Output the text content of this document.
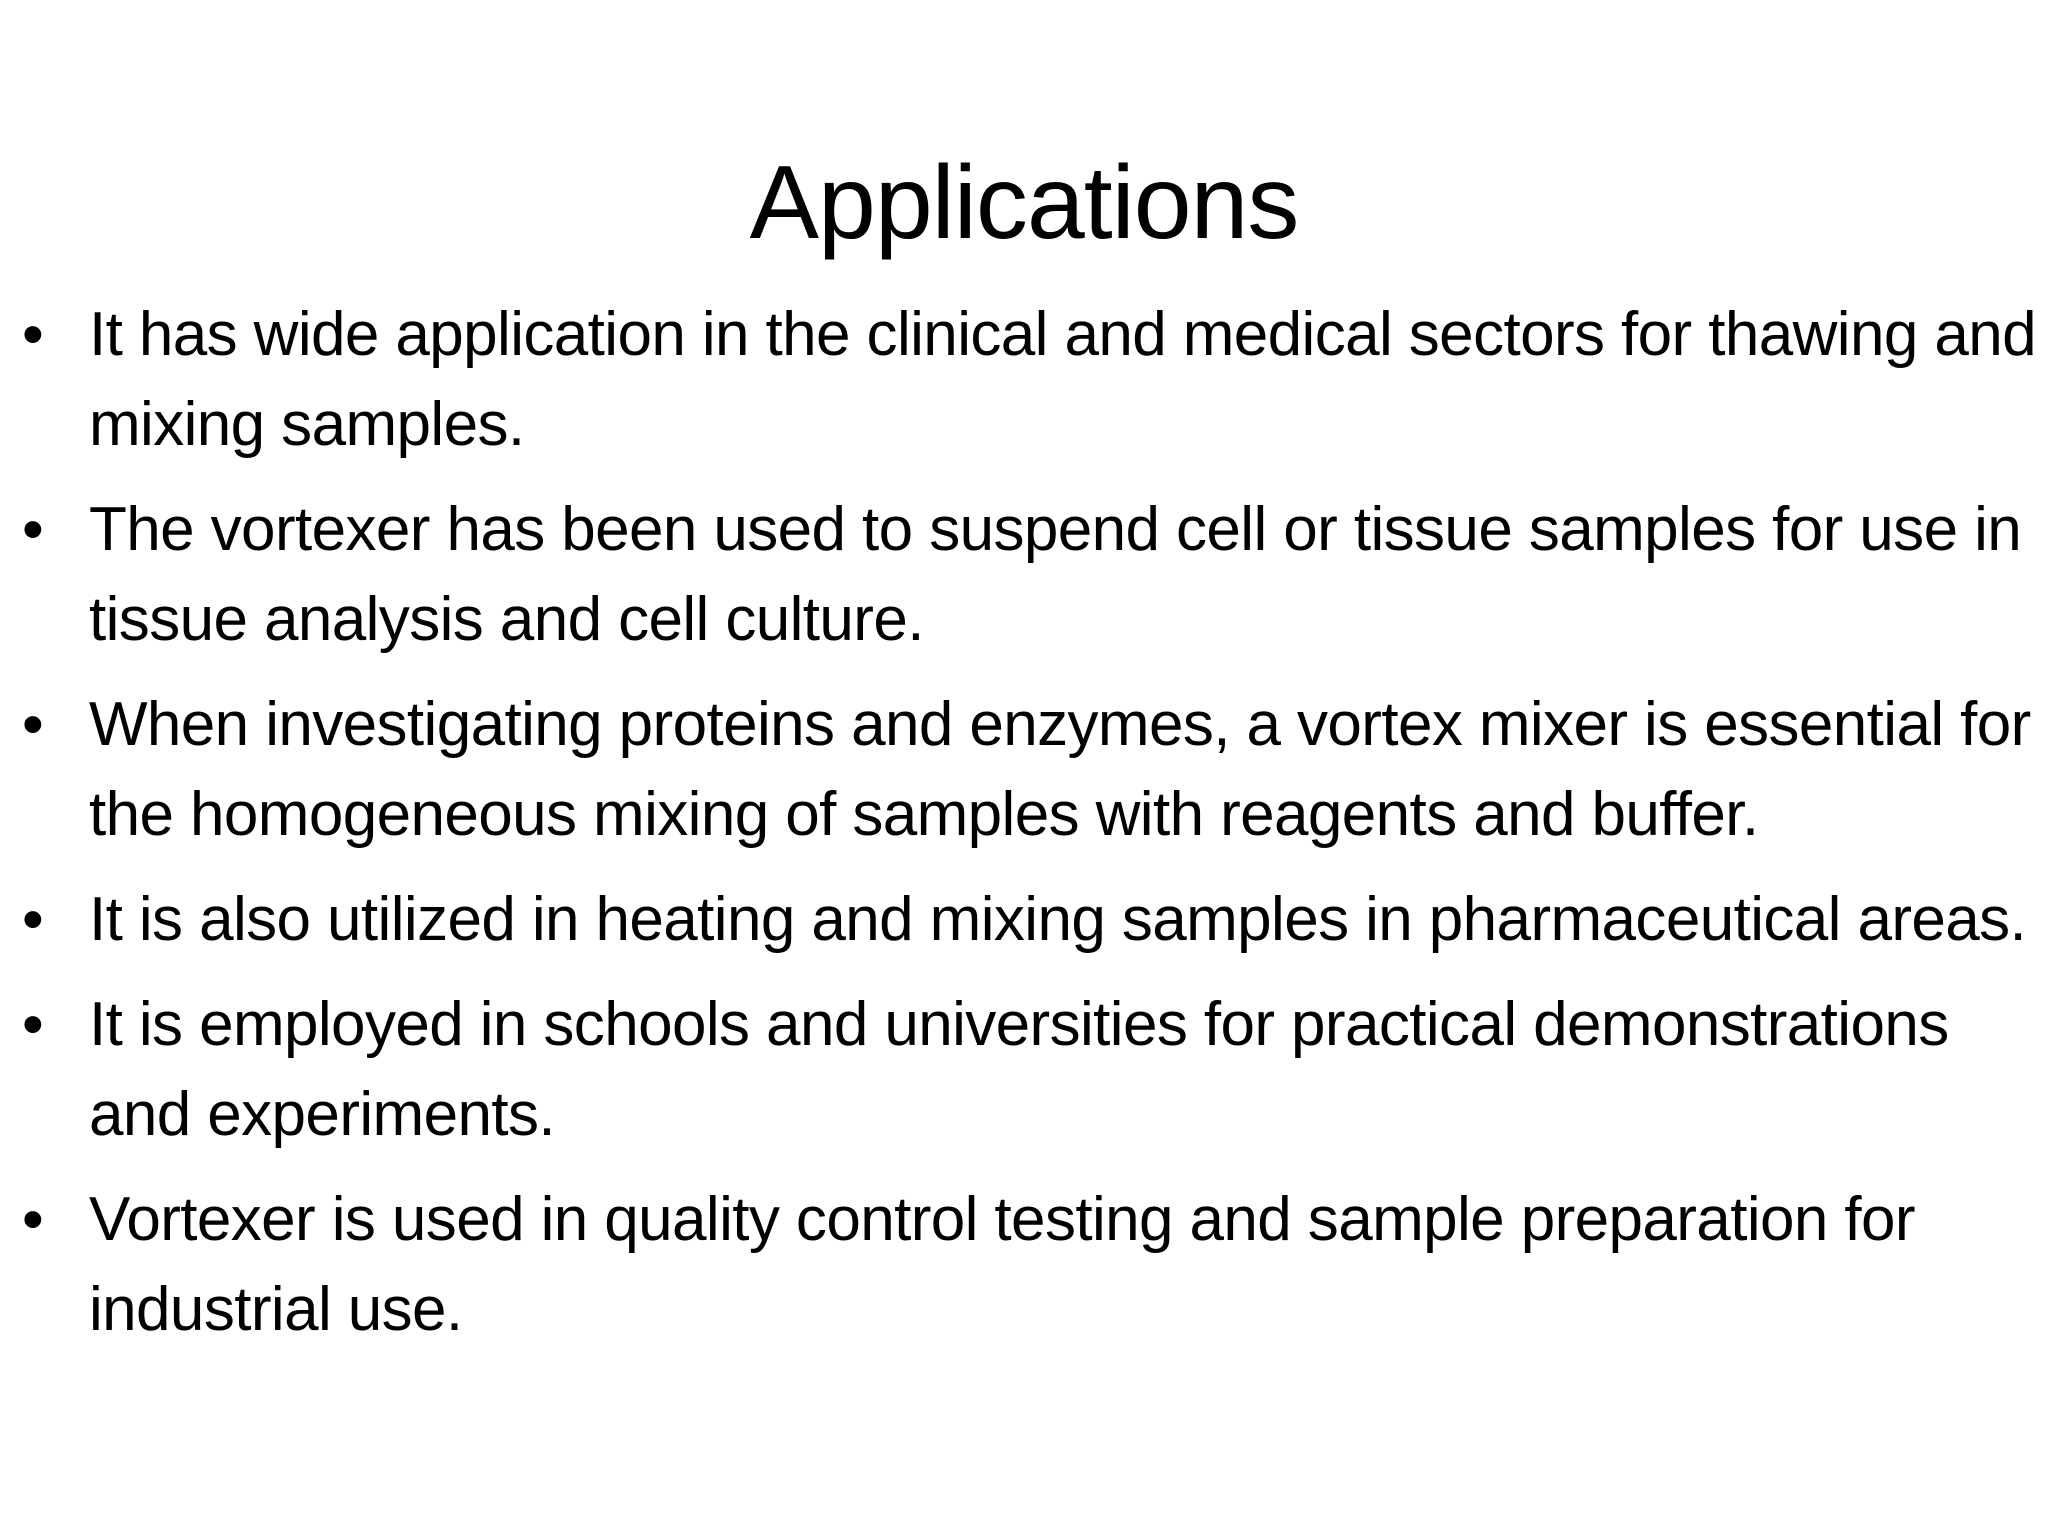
Applications
• It has wide application in the clinical and medical sectors for thawing and mixing samples.
• The vortexer has been used to suspend cell or tissue samples for use in tissue analysis and cell culture.
• When investigating proteins and enzymes, a vortex mixer is essential for the homogeneous mixing of samples with reagents and buffer.
• It is also utilized in heating and mixing samples in pharmaceutical areas.
• It is employed in schools and universities for practical demonstrations and experiments.
• Vortexer is used in quality control testing and sample preparation for industrial use.
